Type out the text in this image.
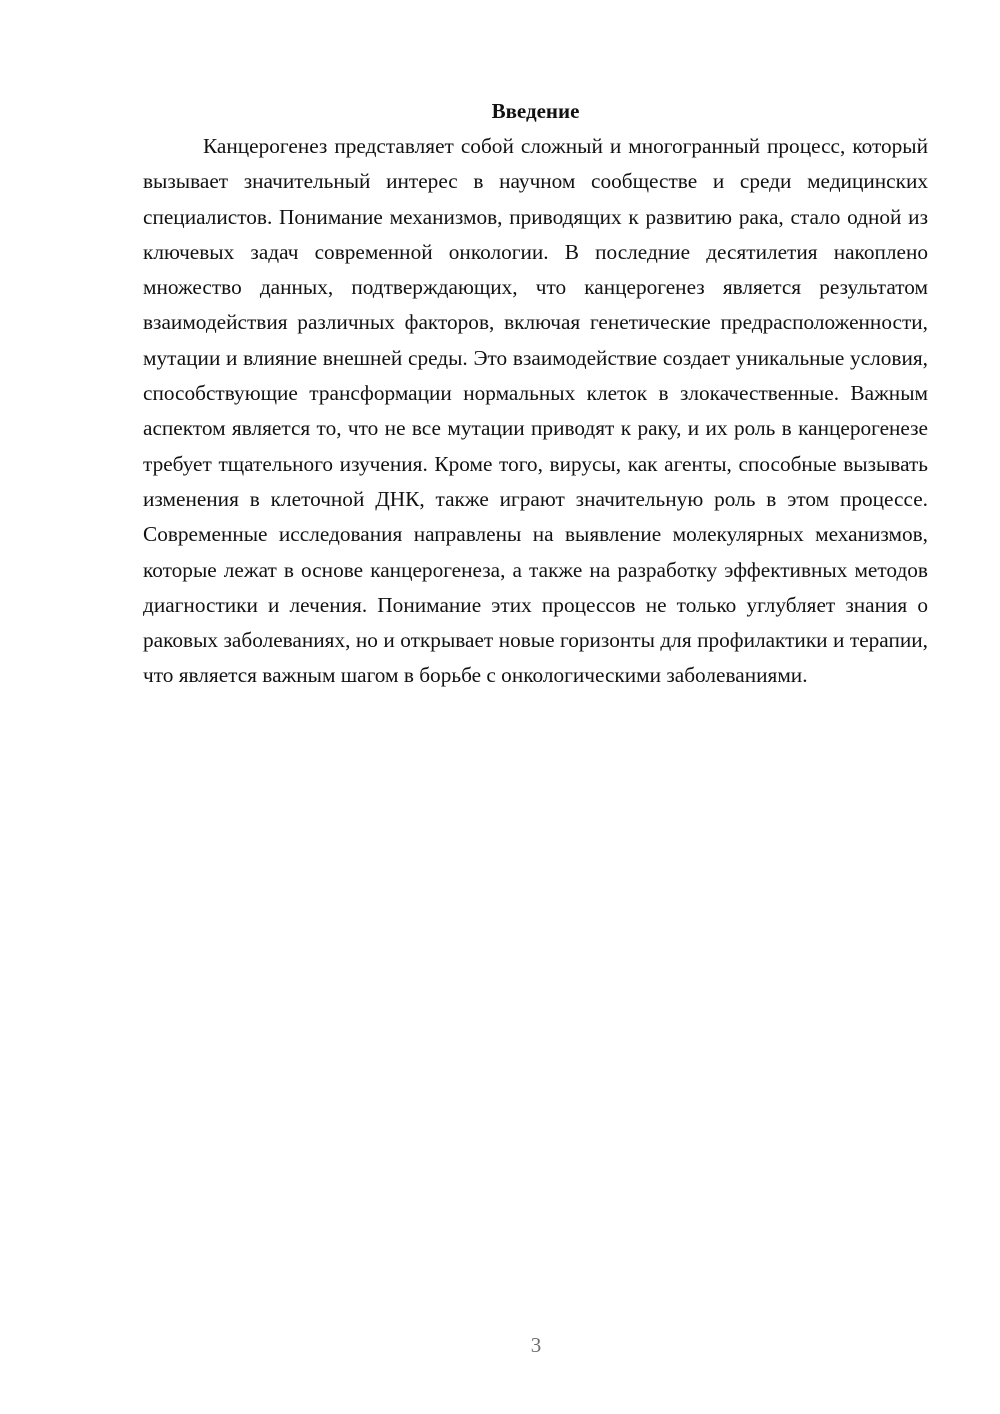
Введение

Канцерогенез представляет собой сложный и многогранный процесс, который вызывает значительный интерес в научном сообществе и среди медицинских специалистов. Понимание механизмов, приводящих к развитию рака, стало одной из ключевых задач современной онкологии. В последние десятилетия накоплено множество данных, подтверждающих, что канцерогенез является результатом взаимодействия различных факторов, включая генетические предрасположенности, мутации и влияние внешней среды. Это взаимодействие создает уникальные условия, способствующие трансформации нормальных клеток в злокачественные. Важным аспектом является то, что не все мутации приводят к раку, и их роль в канцерогенезе требует тщательного изучения. Кроме того, вирусы, как агенты, способные вызывать изменения в клеточной ДНК, также играют значительную роль в этом процессе. Современные исследования направлены на выявление молекулярных механизмов, которые лежат в основе канцерогенеза, а также на разработку эффективных методов диагностики и лечения. Понимание этих процессов не только углубляет знания о раковых заболеваниях, но и открывает новые горизонты для профилактики и терапии, что является важным шагом в борьбе с онкологическими заболеваниями.

3
